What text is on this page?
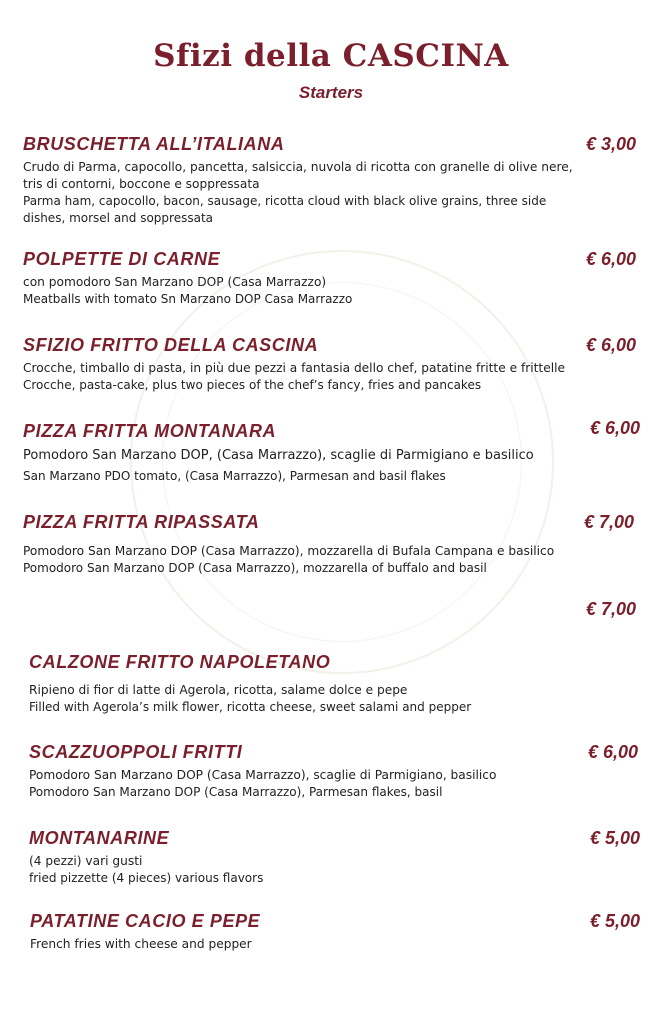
Sfizi della CASCINA
Starters
BRUSCHETTA ALL’ITALIANA
Crudo di Parma, capocollo, pancetta, salsiccia, nuvola di ricotta con granelle di olive nere, tris di contorni, boccone e soppressata
Parma ham, capocollo, bacon, sausage, ricotta cloud with black olive grains, three side dishes, morsel and soppressata
€ 3,00
POLPETTE DI CARNE
con pomodoro San Marzano DOP (Casa Marrazzo)
Meatballs with tomato Sn Marzano DOP Casa Marrazzo
€ 6,00
SFIZIO FRITTO DELLA CASCINA
Crocche, timballo di pasta, in più due pezzi a fantasia dello chef, patatine fritte e frittelle
Crocche, pasta-cake, plus two pieces of the chef’s fancy, fries and pancakes
€ 6,00
PIZZA FRITTA MONTANARA
Pomodoro San Marzano DOP, (Casa Marrazzo), scaglie di Parmigiano e basilico
San Marzano PDO tomato, (Casa Marrazzo), Parmesan and basil flakes
€ 6,00
PIZZA FRITTA RIPASSATA
Pomodoro San Marzano DOP (Casa Marrazzo), mozzarella di Bufala Campana e basilico
Pomodoro San Marzano DOP (Casa Marrazzo), mozzarella of buffalo and basil
€ 7,00
€ 7,00
CALZONE FRITTO NAPOLETANO
Ripieno di fior di latte di Agerola, ricotta, salame dolce e pepe
Filled with Agerola’s milk flower, ricotta cheese, sweet salami and pepper
SCAZZUOPPOLI FRITTI
Pomodoro San Marzano DOP (Casa Marrazzo), scaglie di Parmigiano, basilico
Pomodoro San Marzano DOP (Casa Marrazzo), Parmesan flakes, basil
€ 6,00
MONTANARINE
(4 pezzi) vari gusti
fried pizzette (4 pieces) various flavors
€ 5,00
PATATINE CACIO E PEPE
French fries with cheese and pepper
€ 5,00
